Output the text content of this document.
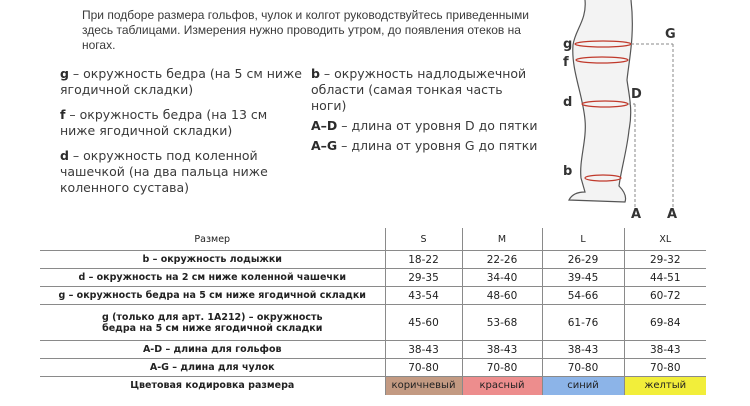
При подборе размера гольфов, чулок и колгот руководствуйтесь приведенными здесь таблицами. Измерения нужно проводить утром, до появления отеков на ногах.
g – окружность бедра (на 5 см ниже ягодичной складки)
f – окружность бедра (на 13 см ниже ягодичной складки)
d – окружность под коленной чашечкой (на два пальца ниже коленного сустава)
b – окружность надлодыжечной области (самая тонкая часть ноги)
A–D – длина от уровня D до пятки
A–G – длина от уровня G до пятки
g
f
d
b
G
D
A A
Размер	S	M	L	XL
b – окружность лодыжки	18-22	22-26	26-29	29-32
d – окружность на 2 см ниже коленной чашечки	29-35	34-40	39-45	44-51
g – окружность бедра на 5 см ниже ягодичной складки	43-54	48-60	54-66	60-72
g (только для арт. 1А212) – окружность бедра на 5 см ниже ягодичной складки	45-60	53-68	61-76	69-84
A-D – длина для гольфов	38-43	38-43	38-43	38-43
A-G – длина для чулок	70-80	70-80	70-80	70-80
Цветовая кодировка размера	коричневый	красный	синий	желтый
